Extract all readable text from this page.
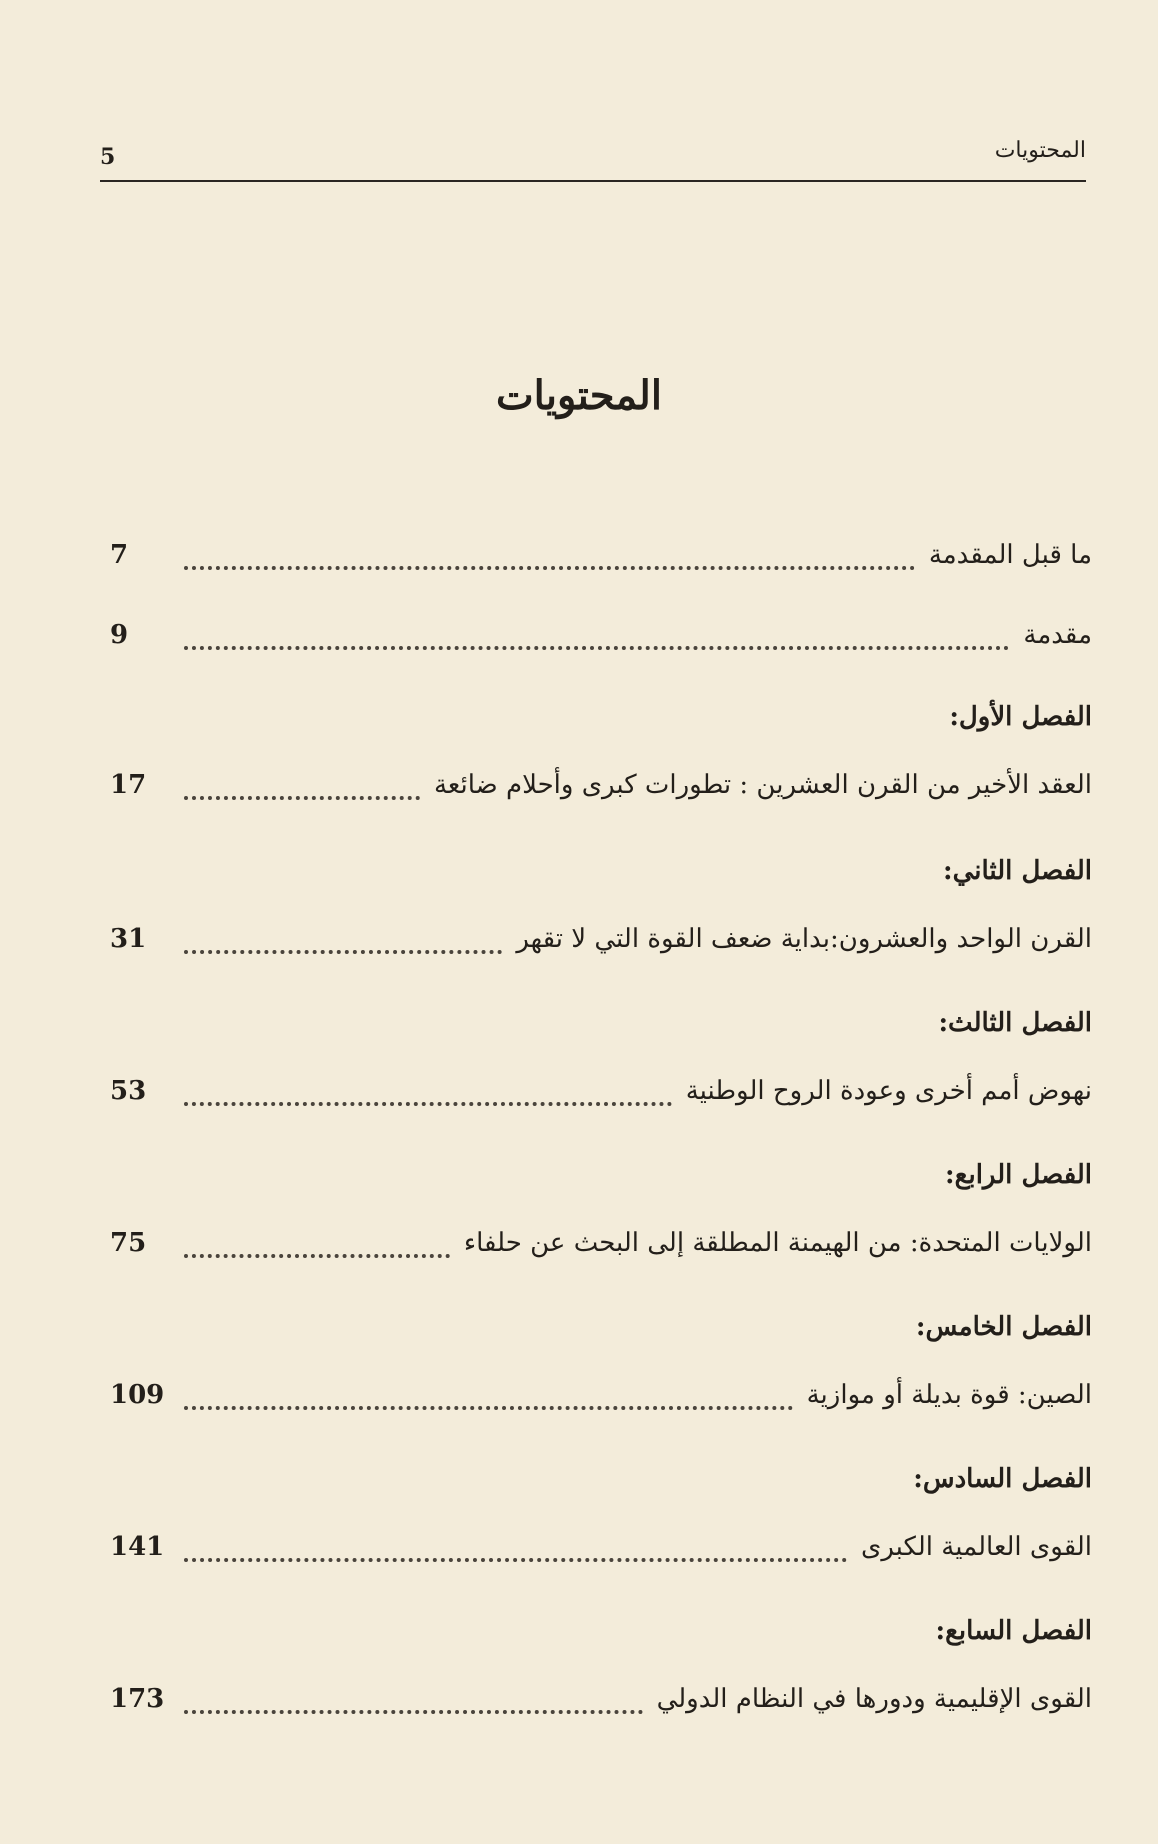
المحتويات
5
المحتويات
ما قبل المقدمة
7
مقدمة
9
الفصل الأول:
العقد الأخير من القرن العشرين : تطورات كبرى وأحلام ضائعة
17
الفصل الثاني:
القرن الواحد والعشرون:بداية ضعف القوة التي لا تقهر
31
الفصل الثالث:
نهوض أمم أخرى وعودة الروح الوطنية
53
الفصل الرابع:
الولايات المتحدة: من الهيمنة المطلقة إلى البحث عن حلفاء
75
الفصل الخامس:
الصين: قوة بديلة أو موازية
109
الفصل السادس:
القوى العالمية الكبرى
141
الفصل السابع:
القوى الإقليمية ودورها في النظام الدولي
173
